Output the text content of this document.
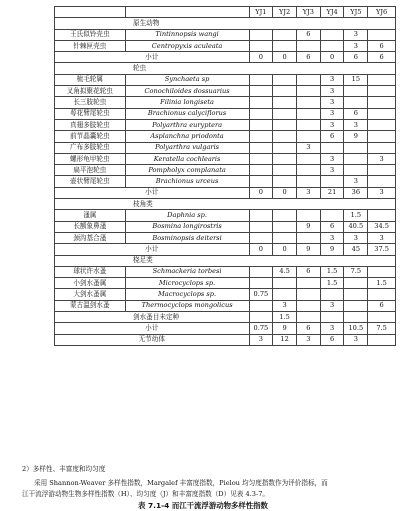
		YJ1	YJ2	YJ3	YJ4	YJ5	YJ6
原生动物							
王氏似铃壳虫	Tintinnopsis wangi			6		3	
针棘匣壳虫	Centropyxis aculeata					3	6
小计		0	0	6	0	6	6
轮虫							
梳毛轮属	Synchaeta sp				3	15	
叉角拟聚花轮虫	Conochiloides dossuarius				3		
长三肢轮虫	Filinia longiseta				3		
萼花臂尾轮虫	Brachionus calyciflorus				3	6	
真翅多肢轮虫	Polyarthra euryptera				3	3	
前节晶囊轮虫	Asplanchna priodonta				6	9	
广布多肢轮虫	Polyarthra vulgaris			3			
螺形龟甲轮虫	Keratella cochlearis				3		3
扁平泡轮虫	Pompholyx complanata				3		
壶状臂尾轮虫	Brachionus urceus					3	
小计		0	0	3	21	36	3
枝角类							
溞属	Daphnia sp.					1.5	
长额象鼻溞	Bosmina longirostris			9	6	40.5	34.5
颈沟基合溞	Bosminopsis deitersi				3	3	3
小计		0	0	9	9	45	37.5
桡足类							
球状许水蚤	Schmackeria torbesi		4.5	6	1.5	7.5	
小剑水蚤属	Microcyclops sp.				1.5		1.5
大剑水蚤属	Macrocyclops sp.	0.75					
蒙古温剑水蚤	Thermocyclops mongolicus		3		3		6
剑水蚤目未定种			1.5				
小计		0.75	9	6	3	10.5	7.5
无节幼体		3	12	3	6	3	
2）多样性、丰富度和均匀度
采用 Shannon-Weaver 多样性指数，Margalef 丰富度指数，Pielou 均匀度指数作为评价指标，而
江干流浮游动物生物多样性指数（H）、均匀度（J）和丰富度指数（D）见表 4.3-7。
表 7.1-4 而江干流浮游动物多样性指数
